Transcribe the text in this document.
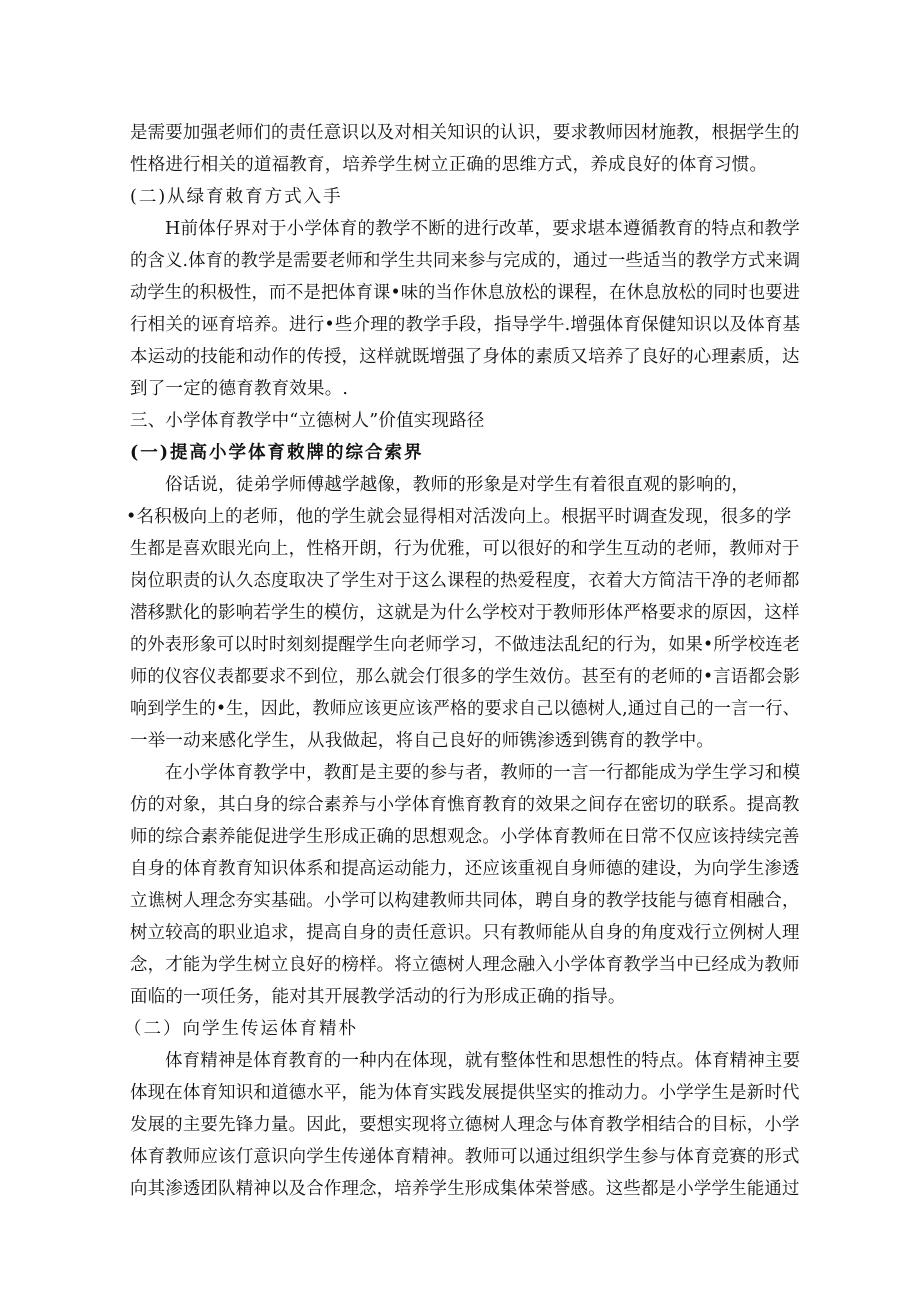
是需要加强老师们的责任意识以及对相关知识的认识，要求教师因材施教，根据学生的
性格进行相关的道福教育，培养学生树立正确的思维方式，养成良好的体育习惯。
(二)从绿育敕育方式入手
H前体仔界对于小学体育的教学不断的进行改革，要求堪本遵循教育的特点和教学
的含义.体育的教学是需要老师和学生共同来参与完成的，通过一些适当的教学方式来调
动学生的积极性，而不是把体育课•味的当作休息放松的课程，在休息放松的同时也要进
行相关的诬育培养。进行•些介理的教学手段，指导学牛.增强体育保健知识以及体育基
本运动的技能和动作的传授，这样就既增强了身体的素质又培养了良好的心理素质，达
到了一定的德育教育效果。.
三、小学体育教学中“立德树人”价值实现路径
(一)提高小学体育敕牌的综合索界
俗话说，徒弟学师傅越学越像，教师的形象是对学生有着很直观的影响的，
•名积极向上的老师，他的学生就会显得相对活泼向上。根据平时调查发现，很多的学
生都是喜欢眼光向上，性格开朗，行为优雅，可以很好的和学生互动的老师，教师对于
岗位职责的认久态度取决了学生对于这么课程的热爱程度，衣着大方简洁干净的老师都
潜移默化的影响若学生的模仿，这就是为什么学校对于教师形体严格要求的原因，这样
的外表形象可以时时刻刻提醒学生向老师学习，不做违法乱纪的行为，如果•所学校连老
师的仪容仪表都要求不到位，那么就会仃很多的学生效仿。甚至有的老师的•言语都会影
响到学生的•生，因此，教师应该更应该严格的要求自己以德树人,通过自己的一言一行、
一举一动来感化学生，从我做起，将自己良好的师镌渗透到镌育的教学中。
在小学体育教学中，教酊是主要的参与者，教师的一言一行都能成为学生学习和模
仿的对象，其白身的综合素养与小学体育憔育教育的效果之间存在密切的联系。提高教
师的综合素养能促进学生形成正确的思想观念。小学体育教师在日常不仅应该持续完善
自身的体育教育知识体系和提高运动能力，还应该重视自身师德的建设，为向学生渗透
立谯树人理念夯实基础。小学可以构建教师共同体，聘自身的教学技能与德育相融合，
树立较高的职业追求，提高自身的责任意识。只有教师能从自身的角度戏行立例树人理
念，才能为学生树立良好的榜样。将立德树人理念融入小学体育教学当中已经成为教师
面临的一项任务，能对其开展教学活动的行为形成正确的指导。
（二）向学生传运体育精朴
体育精神是体育教育的一种内在体现，就有整体性和思想性的特点。体育精神主要
体现在体育知识和道德水平，能为体育实践发展提供坚实的推动力。小学学生是新时代
发展的主要先锋力量。因此，要想实现将立德树人理念与体育教学相结合的目标，小学
体育教师应该仃意识向学生传递体育精神。教师可以通过组织学生参与体育竞赛的形式
向其渗透团队精神以及合作理念，培养学生形成集体荣誉感。这些都是小学学生能通过
